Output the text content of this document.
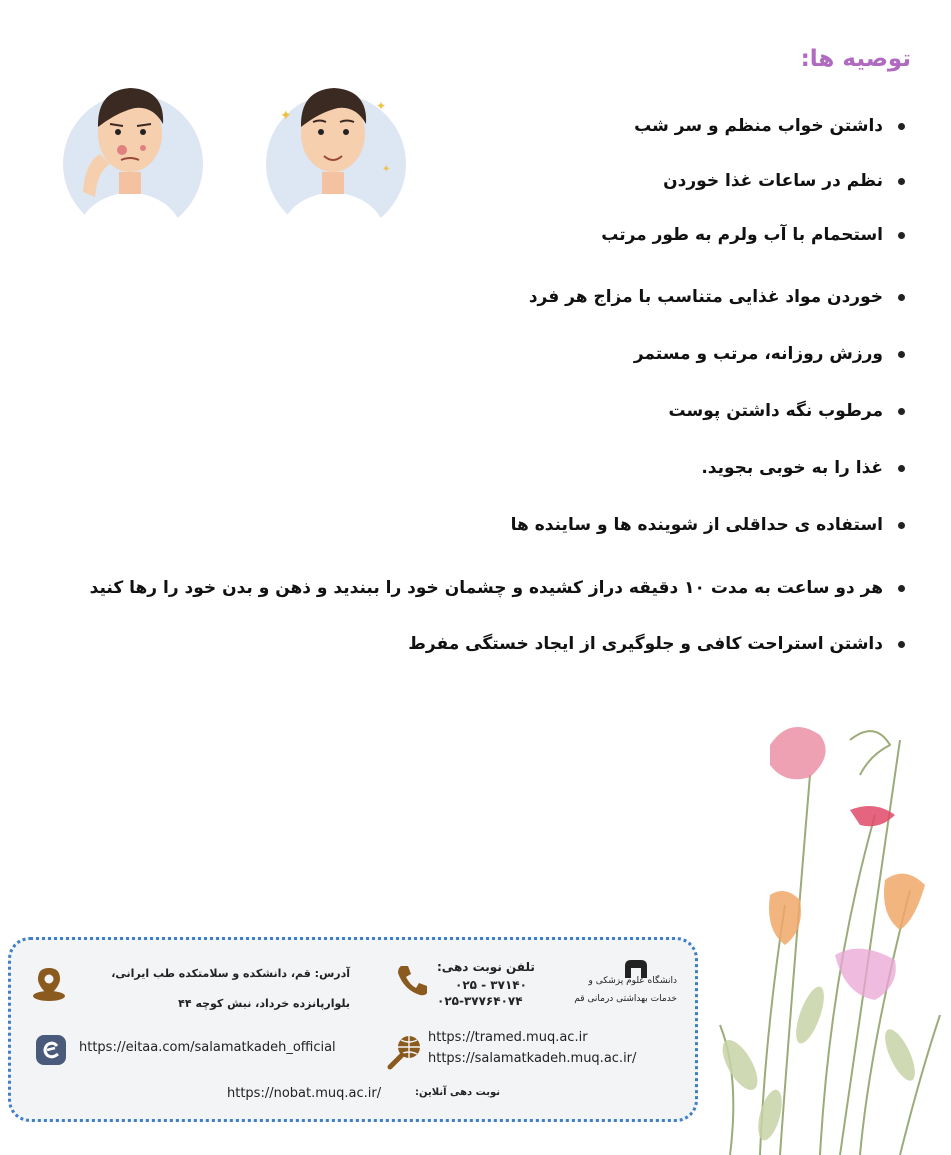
توصیه ها:
✦
✦
✦
داشتن خواب منظم و سر شب
نظم در ساعات غذا خوردن
استحمام با آب ولرم به طور مرتب
خوردن مواد غذایی متناسب با مزاج هر فرد
ورزش روزانه، مرتب و مستمر
مرطوب نگه داشتن پوست
غذا را به خوبی بجوید.
استفاده ی حداقلی از شوینده ها و ساینده ها
هر دو ساعت به مدت ۱۰ دقیقه دراز کشیده و چشمان خود را ببندید و ذهن و بدن خود را رها کنید
داشتن استراحت کافی و جلوگیری از ایجاد خستگی مفرط
دانشگاه علوم پزشکی و
خدمات بهداشتی درمانی قم
تلفن نوبت دهی:
۰۲۵ - ۳۷۱۴۰
۰۲۵-۳۷۷۶۴۰۷۴
آدرس: قم، دانشکده و سلامتکده طب ایرانی،
بلوارپانزده خرداد، نبش کوچه ۴۴
https://eitaa.com/salamatkadeh_official
https://tramed.muq.ac.ir
https://salamatkadeh.muq.ac.ir/
https://nobat.muq.ac.ir/	نوبت دهی آنلاین:
